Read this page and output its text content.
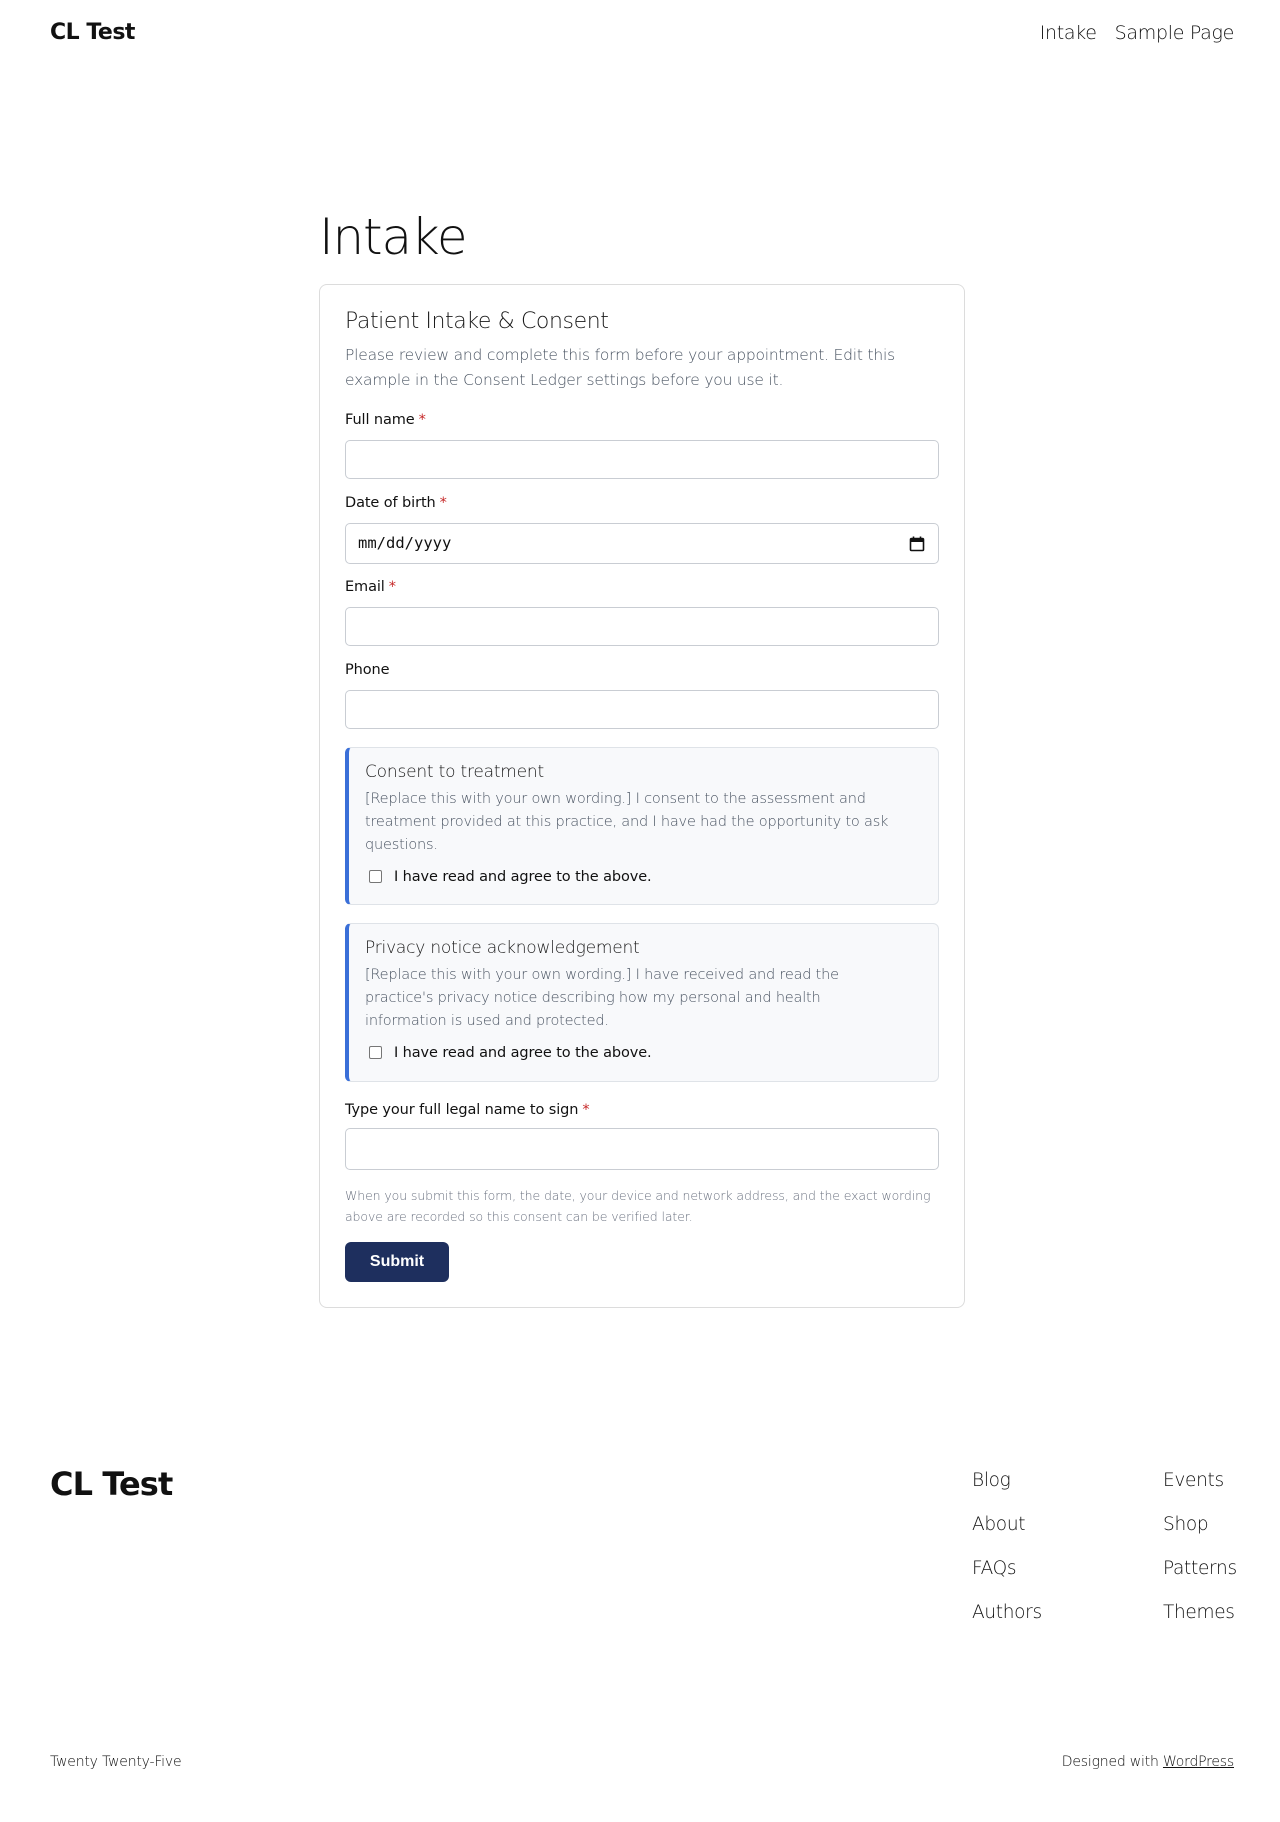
CL Test	Intake Sample Page
Intake
Patient Intake & Consent

Please review and complete this form before your appointment. Edit this example in the Consent Ledger settings before you use it.

Full name *
Date of birth *
mm/dd/yyyy
Email *
Phone
Consent to treatment
[Replace this with your own wording.] I consent to the assessment and treatment provided at this practice, and I have had the opportunity to ask questions.
I have read and agree to the above.
Privacy notice acknowledgement
[Replace this with your own wording.] I have received and read the practice's privacy notice describing how my personal and health information is used and protected.
I have read and agree to the above.
Type your full legal name to sign *

When you submit this form, the date, your device and network address, and the exact wording above are recorded so this consent can be verified later.

Submit
CL Test	Blog
About
FAQs
Authors
Events
Shop
Patterns
Themes
Twenty Twenty-Five	Designed with WordPress
